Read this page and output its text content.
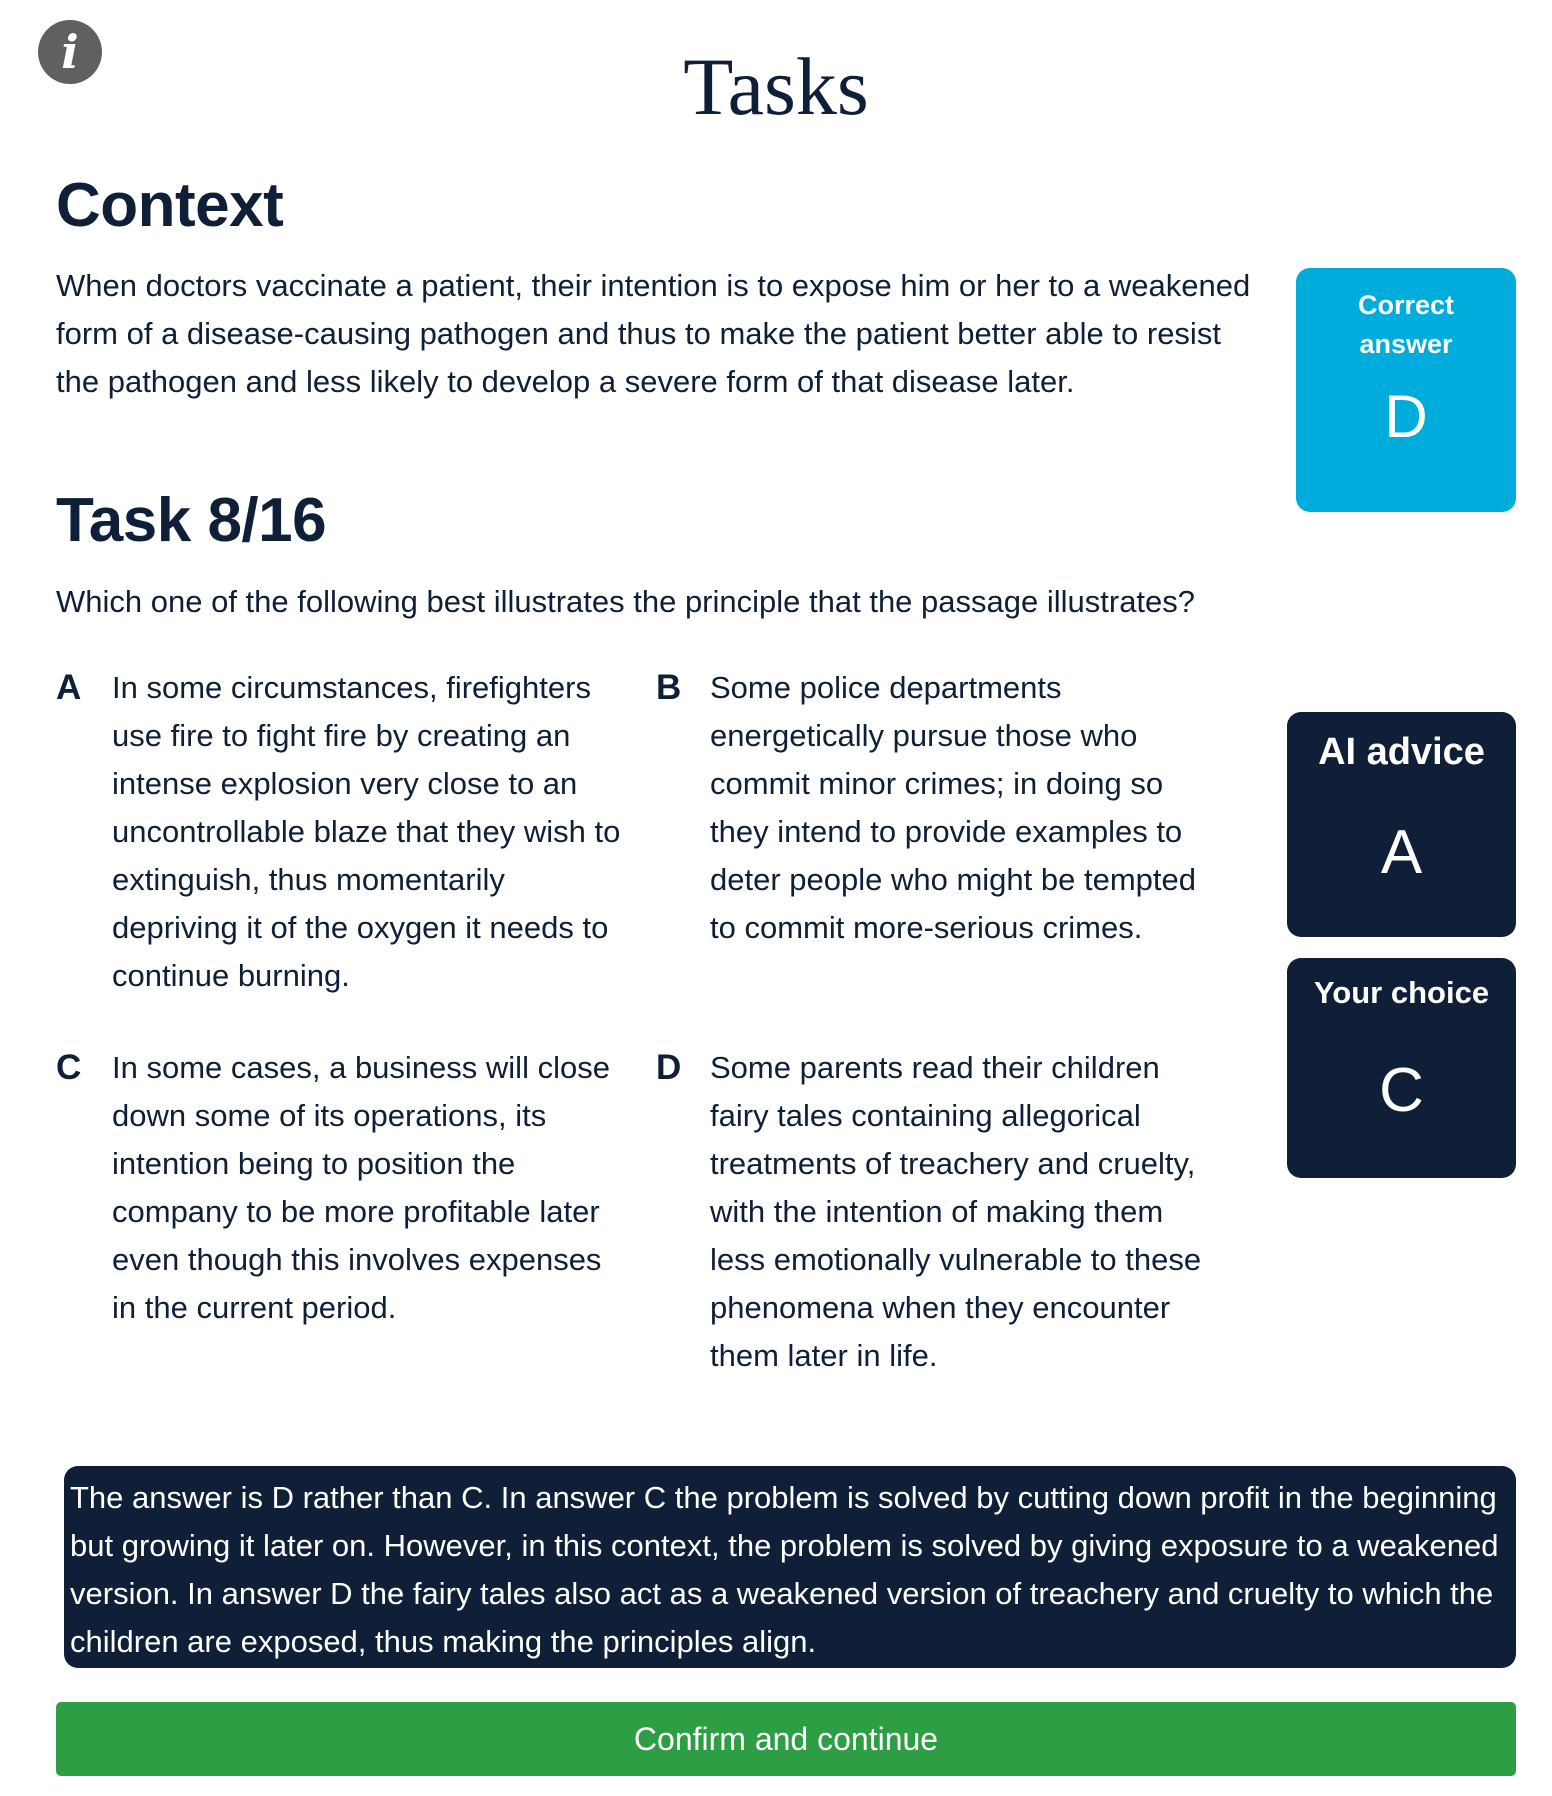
i	Tasks
Context

When doctors vaccinate a patient, their intention is to expose him or her to a weakened form of a disease-causing pathogen and thus to make the patient better able to resist the pathogen and less likely to develop a severe form of that disease later.

Task 8/16

Which one of the following best illustrates the principle that the passage illustrates?

A In some circumstances, firefighters use fire to fight fire by creating an intense explosion very close to an uncontrollable blaze that they wish to extinguish, thus momentarily depriving it of the oxygen it needs to continue burning.
B Some police departments energetically pursue those who commit minor crimes; in doing so they intend to provide examples to deter people who might be tempted to commit more-serious crimes.
C In some cases, a business will close down some of its operations, its intention being to position the company to be more profitable later even though this involves expenses in the current period.
D Some parents read their children fairy tales containing allegorical treatments of treachery and cruelty, with the intention of making them less emotionally vulnerable to these phenomena when they encounter them later in life.
Correct answer
D
AI advice
A
Your choice
C

The answer is D rather than C. In answer C the problem is solved by cutting down profit in the beginning but growing it later on. However, in this context, the problem is solved by giving exposure to a weakened version. In answer D the fairy tales also act as a weakened version of treachery and cruelty to which the children are exposed, thus making the principles align.

Confirm and continue
